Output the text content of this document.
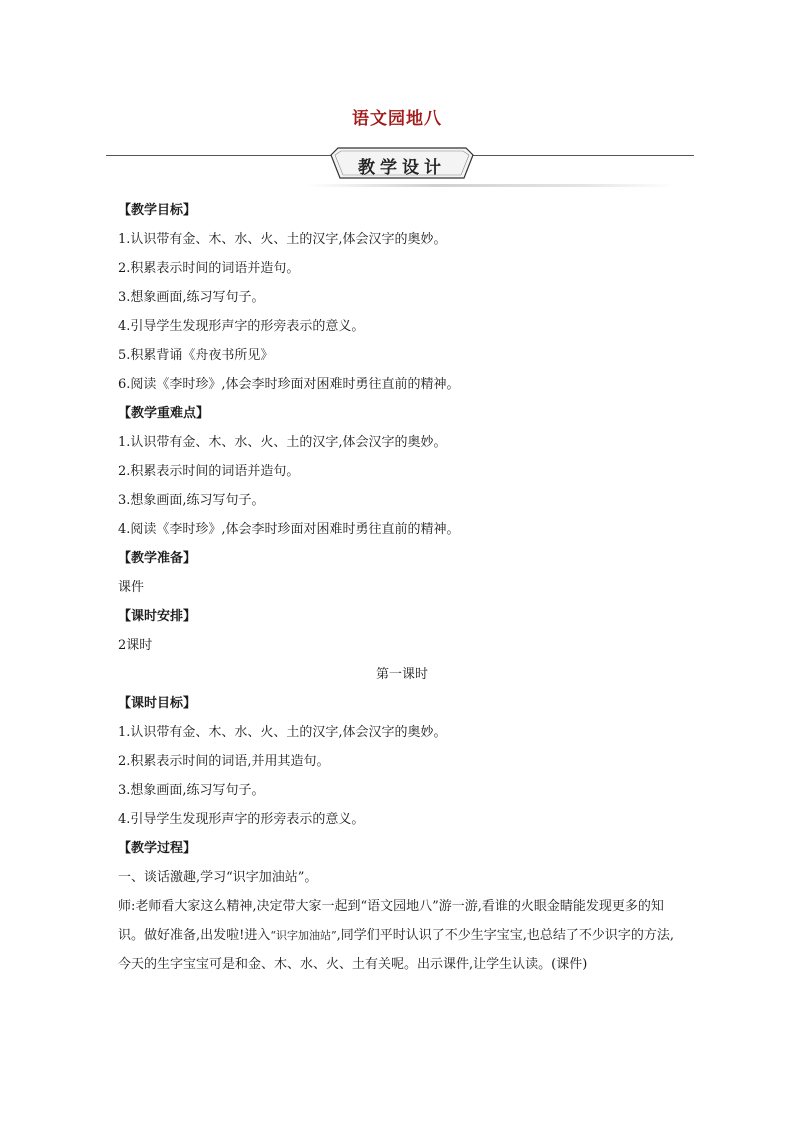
语文园地八
教学设计
【教学目标】
1.认识带有金、木、水、火、土的汉字,体会汉字的奥妙。
2.积累表示时间的词语并造句。
3.想象画面,练习写句子。
4.引导学生发现形声字的形旁表示的意义。
5.积累背诵《舟夜书所见》
6.阅读《李时珍》,体会李时珍面对困难时勇往直前的精神。
【教学重难点】
1.认识带有金、木、水、火、土的汉字,体会汉字的奥妙。
2.积累表示时间的词语并造句。
3.想象画面,练习写句子。
4.阅读《李时珍》,体会李时珍面对困难时勇往直前的精神。
【教学准备】
课件
【课时安排】
2课时
第一课时
【课时目标】
1.认识带有金、木、水、火、土的汉字,体会汉字的奥妙。
2.积累表示时间的词语,并用其造句。
3.想象画面,练习写句子。
4.引导学生发现形声字的形旁表示的意义。
【教学过程】
一、谈话激趣,学习“识字加油站”。

师:老师看大家这么精神,决定带大家一起到“语文园地八”游一游,看谁的火眼金睛能发现更多的知识。做好准备,出发啦!进入“识字加油站”,同学们平时认识了不少生字宝宝,也总结了不少识字的方法,今天的生字宝宝可是和金、木、水、火、土有关呢。出示课件,让学生认读。(课件)
